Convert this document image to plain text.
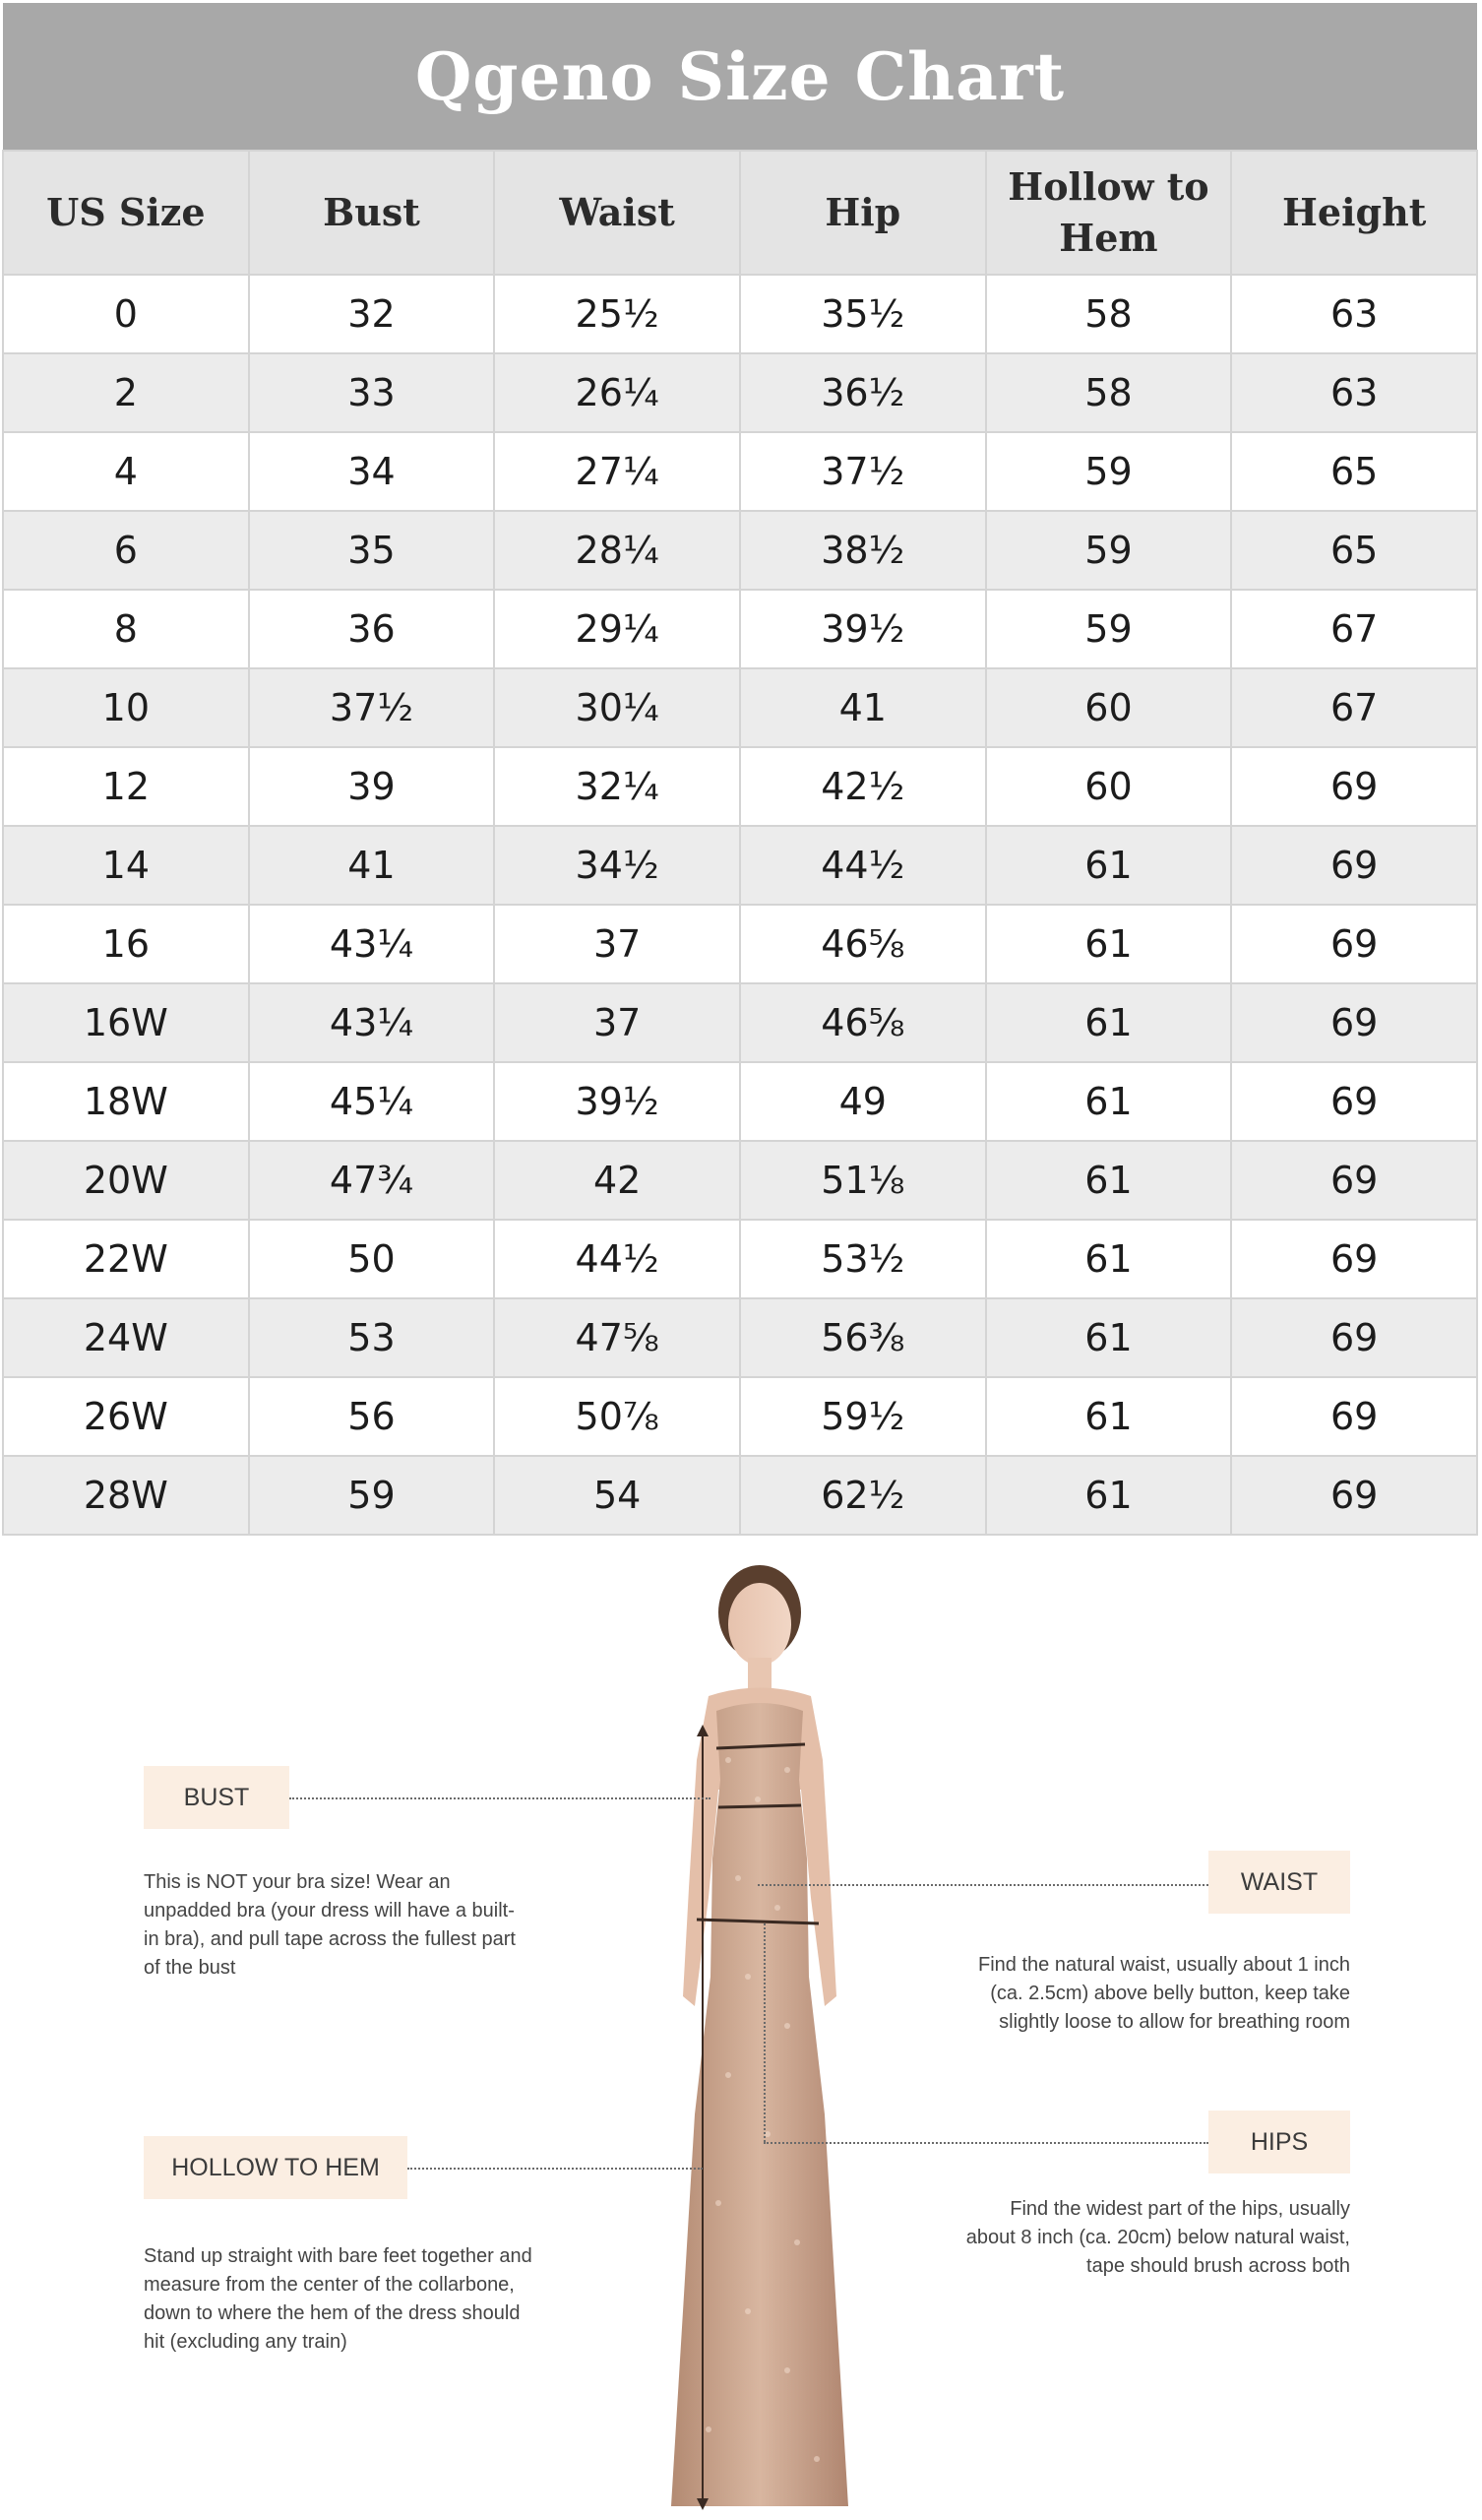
Qgeno Size Chart
US Size	Bust	Waist	Hip	Hollow to Hem	Height
0	32	25½	35½	58	63
2	33	26¼	36½	58	63
4	34	27¼	37½	59	65
6	35	28¼	38½	59	65
8	36	29¼	39½	59	67
10	37½	30¼	41	60	67
12	39	32¼	42½	60	69
14	41	34½	44½	61	69
16	43¼	37	46⅝	61	69
16W	43¼	37	46⅝	61	69
18W	45¼	39½	49	61	69
20W	47¾	42	51⅛	61	69
22W	50	44½	53½	61	69
24W	53	47⅝	56⅜	61	69
26W	56	50⅞	59½	61	69
28W	59	54	62½	61	69
BUST
This is NOT your bra size! Wear an unpadded bra (your dress will have a built-in bra), and pull tape across the fullest part of the bust
WAIST
Find the natural waist, usually about 1 inch (ca. 2.5cm) above belly button, keep take slightly loose to allow for breathing room
HIPS
Find the widest part of the hips, usually about 8 inch (ca. 20cm) below natural waist, tape should brush across both
HOLLOW TO HEM
Stand up straight with bare feet together and measure from the center of the collarbone, down to where the hem of the dress should hit (excluding any train)
